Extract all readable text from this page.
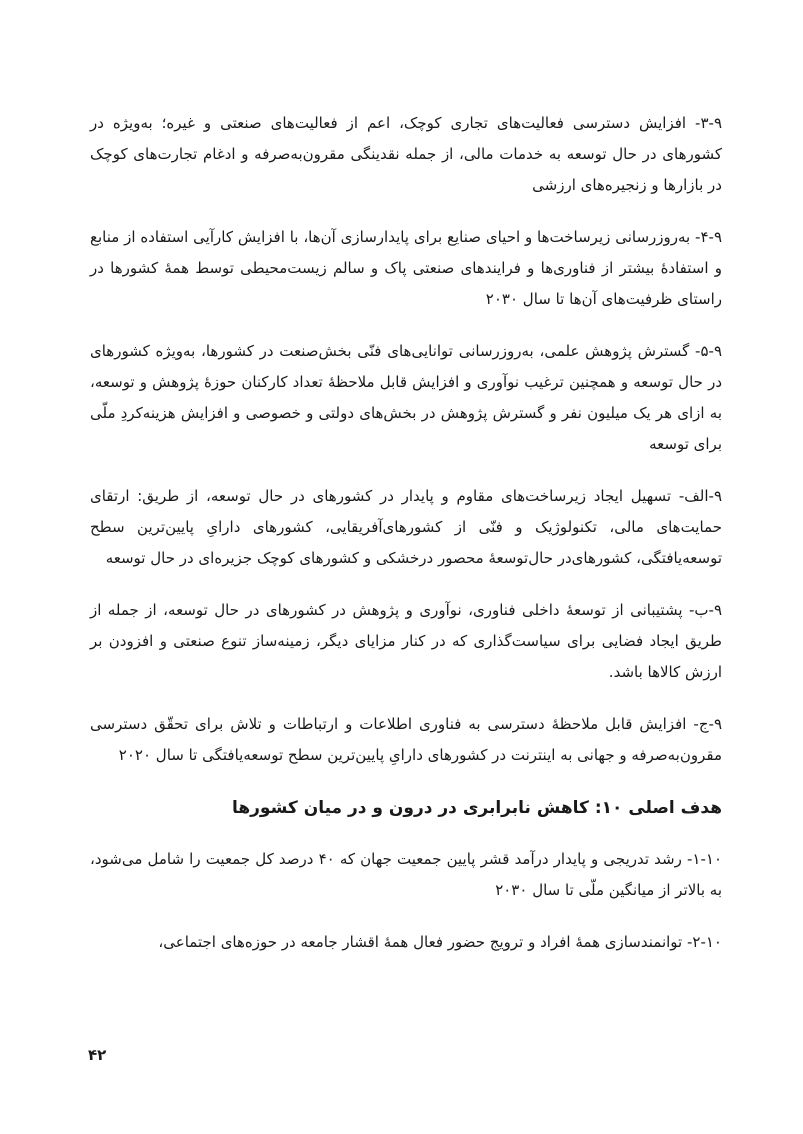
۳-۹- افزایش دسترسی فعالیت‌های تجاری کوچک، اعم از فعالیت‌های صنعتی و غیره؛ به‌ویژه در کشورهای در حال توسعه به خدمات مالی، از جمله نقدینگی مقرون‌به‌صرفه و ادغام تجارت‌های کوچک در بازارها و زنجیره‌های ارزشی

۴-۹- به‌روزرسانی زیرساخت‌ها و احیای صنایع برای پایدارسازی آن‌ها، با افزایش کارآیی استفاده از منابع و استفادهٔ بیشتر از فناوری‌ها و فرایندهای صنعتی پاک و سالم زیست‌محیطی توسط همهٔ کشورها در راستای ظرفیت‌های آن‌ها تا سال ۲۰۳۰

۵-۹- گسترش پژوهش علمی، به‌روزرسانی توانایی‌های فنّی بخش‌صنعت در کشورها، به‌ویژه کشورهای در حال توسعه و همچنین ترغیب نوآوری و افزایش قابل ملاحظهٔ تعداد کارکنان حوزهٔ پژوهش و توسعه، به ازای هر یک میلیون نفر و گسترش پژوهش در بخش‌های دولتی و خصوصی و افزایش هزینه‌کردِ ملّی برای توسعه

۹-الف- تسهیل ایجاد زیرساخت‌های مقاوم و پایدار در کشورهای در حال توسعه، از طریق: ارتقای حمایت‌های مالی، تکنولوژیک و فنّی از کشورهای‌آفریقایی، کشورهای دارایِ پایین‌ترین سطح توسعه‌یافتگی، کشورهای‌در حال‌توسعهٔ محصور درخشکی و کشورهای کوچک جزیره‌ای در حال توسعه

۹-ب- پشتیبانی از توسعهٔ داخلی فناوری، نوآوری و پژوهش در کشورهای در حال توسعه، از جمله از طریق ایجاد فضایی برای سیاست‌گذاری که در کنار مزایای دیگر، زمینه‌ساز تنوع صنعتی و افزودن بر ارزش کالاها باشد.

۹-ج- افزایش قابل ملاحظهٔ دسترسی به فناوری اطلاعات و ارتباطات و تلاش برای تحقّق دسترسی مقرون‌به‌صرفه و جهانی به اینترنت در کشورهای دارایِ پایین‌ترین سطح توسعه‌یافتگی تا سال ۲۰۲۰

هدف اصلی ۱۰: کاهش نابرابری در درون و در میان کشورها

۱-۱۰- رشد تدریجی و پایدار درآمد قشر پایین جمعیت جهان که ۴۰ درصد کل جمعیت را شامل می‌شود، به بالاتر از میانگین ملّی تا سال ۲۰۳۰

۲-۱۰- توانمندسازی همهٔ افراد و ترویج حضور فعال همهٔ اقشار جامعه در حوزه‌های اجتماعی،

۴۲
